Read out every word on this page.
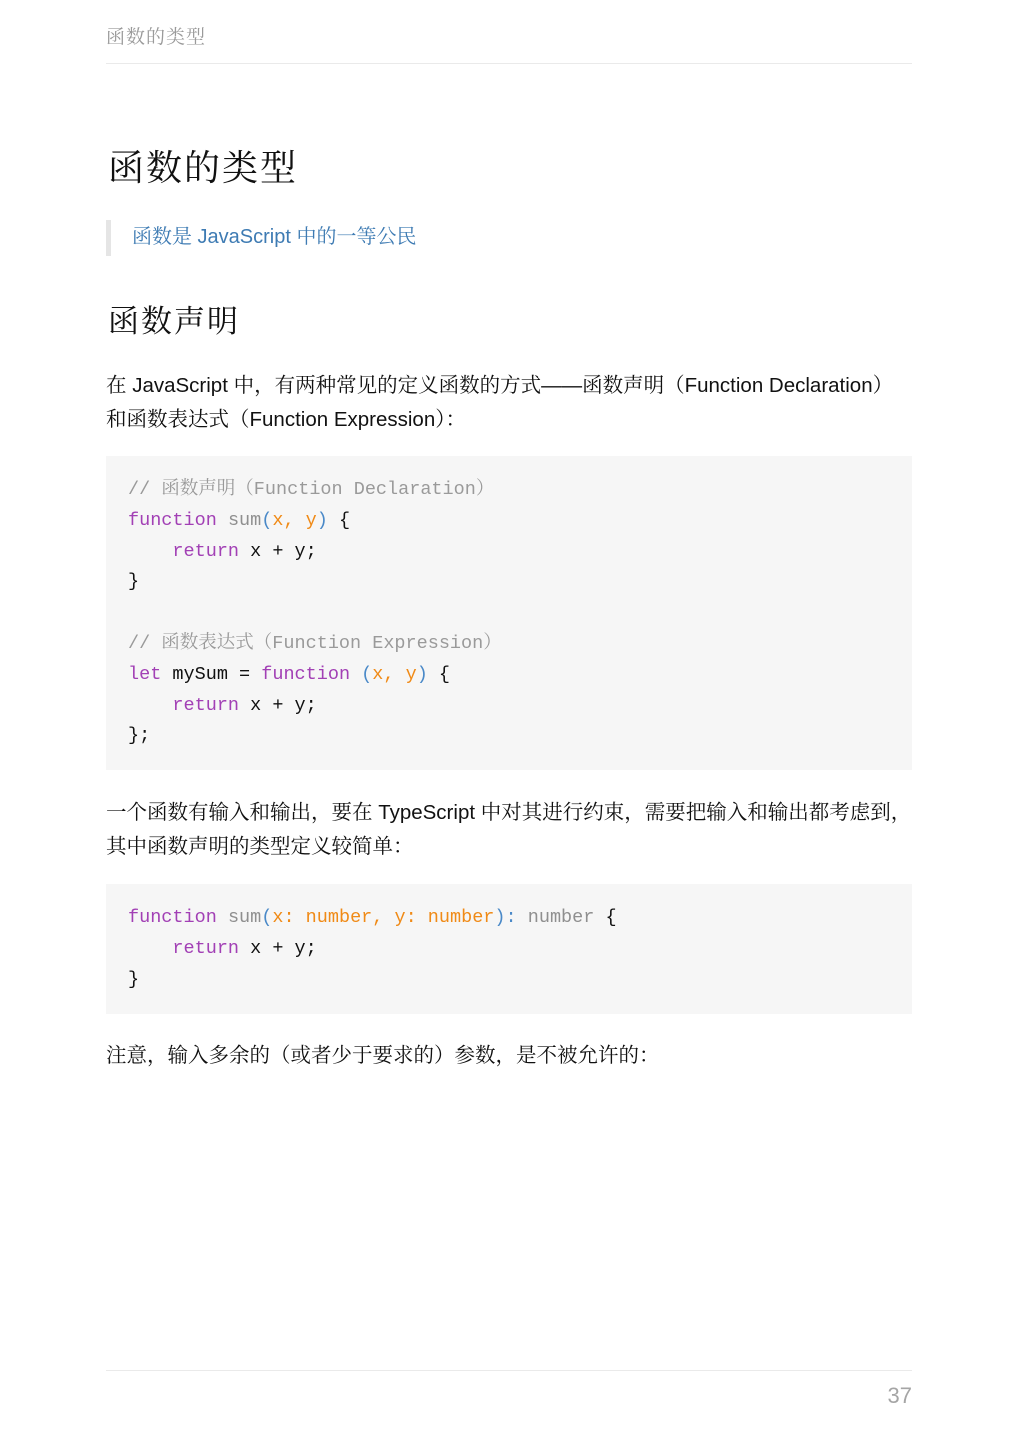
函数的类型
函数的类型
函数是 JavaScript 中的一等公民
函数声明

在 JavaScript 中，有两种常见的定义函数的方式——函数声明（Function Declaration）和函数表达式（Function Expression）：

// 函数声明（Function Declaration）
function sum(x, y) {
return x + y;
}

// 函数表达式（Function Expression）
let mySum = function (x, y) {
return x + y;
};

一个函数有输入和输出，要在 TypeScript 中对其进行约束，需要把输入和输出都考虑到，其中函数声明的类型定义较简单：

function sum(x: number, y: number): number {
return x + y;
}

注意，输入多余的（或者少于要求的）参数，是不被允许的：

37
